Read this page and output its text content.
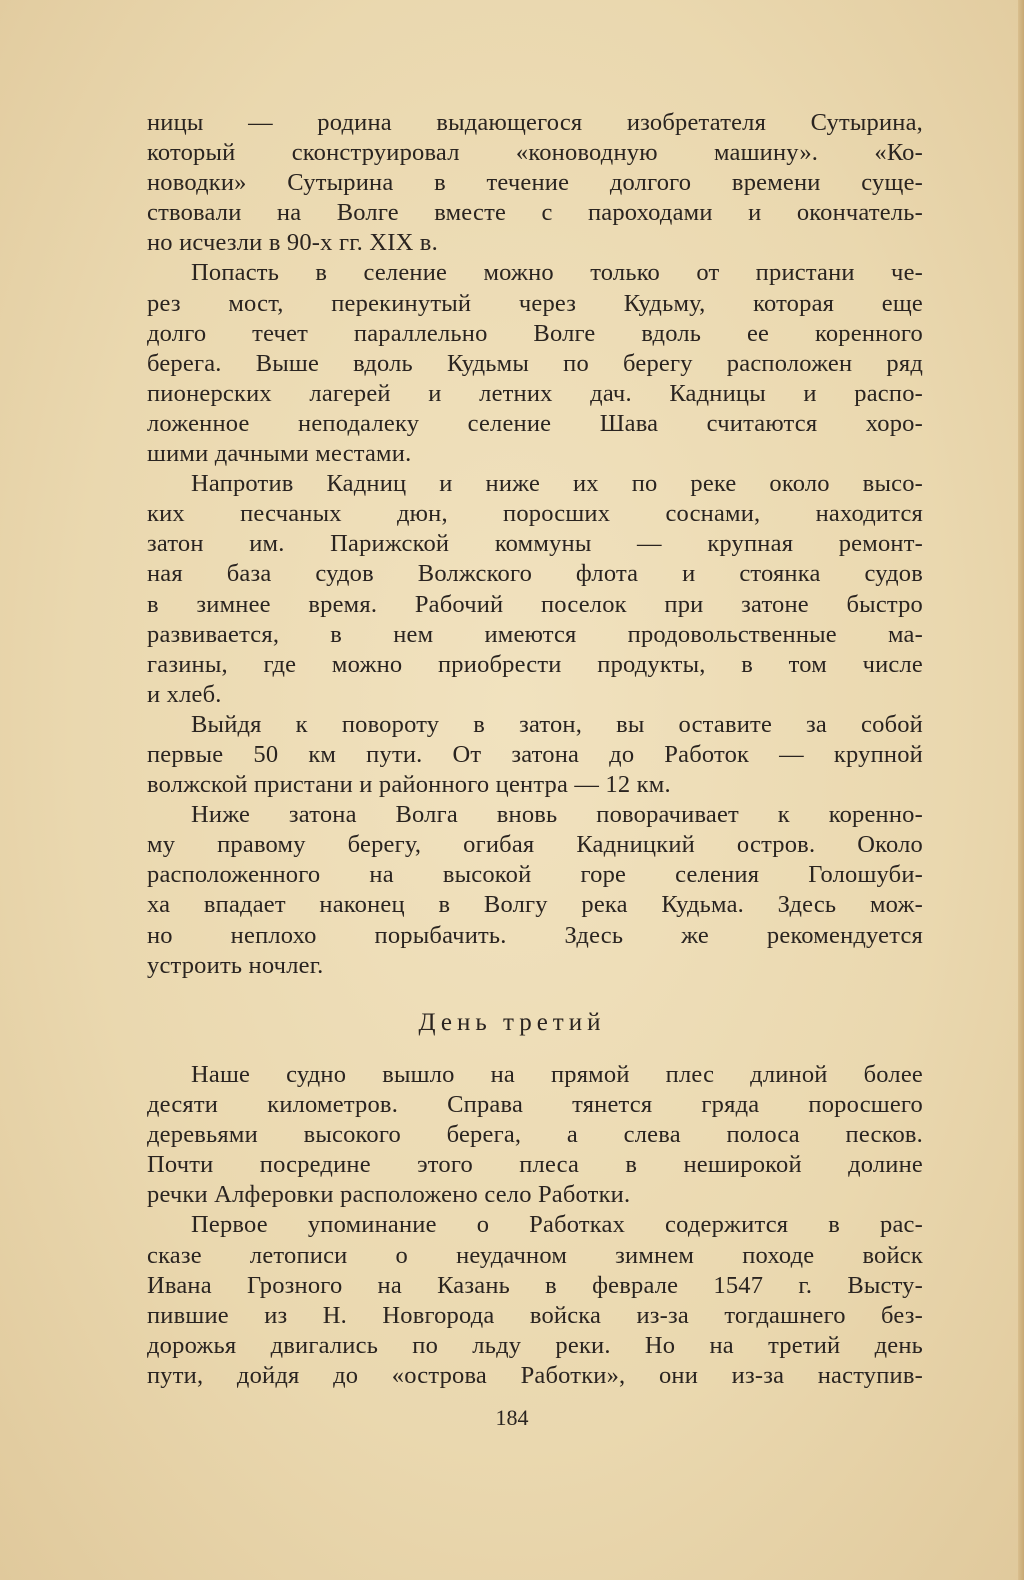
ницы — родина выдающегося изобретателя Сутырина,
который сконструировал «коноводную машину». «Ко-
новодки» Сутырина в течение долгого времени суще-
ствовали на Волге вместе с пароходами и окончатель-
но исчезли в 90-х гг. XIX в.
Попасть в селение можно только от пристани че-
рез мост, перекинутый через Кудьму, которая еще
долго течет параллельно Волге вдоль ее коренного
берега. Выше вдоль Кудьмы по берегу расположен ряд
пионерских лагерей и летних дач. Кадницы и распо-
ложенное неподалеку селение Шава считаются хоро-
шими дачными местами.
Напротив Кадниц и ниже их по реке около высо-
ких песчаных дюн, поросших соснами, находится
затон им. Парижской коммуны — крупная ремонт-
ная база судов Волжского флота и стоянка судов
в зимнее время. Рабочий поселок при затоне быстро
развивается, в нем имеются продовольственные ма-
газины, где можно приобрести продукты, в том числе
и хлеб.
Выйдя к повороту в затон, вы оставите за собой
первые 50 км пути. От затона до Работок — крупной
волжской пристани и районного центра — 12 км.
Ниже затона Волга вновь поворачивает к коренно-
му правому берегу, огибая Кадницкий остров. Около
расположенного на высокой горе селения Голошуби-
ха впадает наконец в Волгу река Кудьма. Здесь мож-
но неплохо порыбачить. Здесь же рекомендуется
устроить ночлег.
День третий
Наше судно вышло на прямой плес длиной более
десяти километров. Справа тянется гряда поросшего
деревьями высокого берега, а слева полоса песков.
Почти посредине этого плеса в неширокой долине
речки Алферовки расположено село Работки.
Первое упоминание о Работках содержится в рас-
сказе летописи о неудачном зимнем походе войск
Ивана Грозного на Казань в феврале 1547 г. Высту-
пившие из Н. Новгорода войска из-за тогдашнего без-
дорожья двигались по льду реки. Но на третий день
пути, дойдя до «острова Работки», они из-за наступив-
184
